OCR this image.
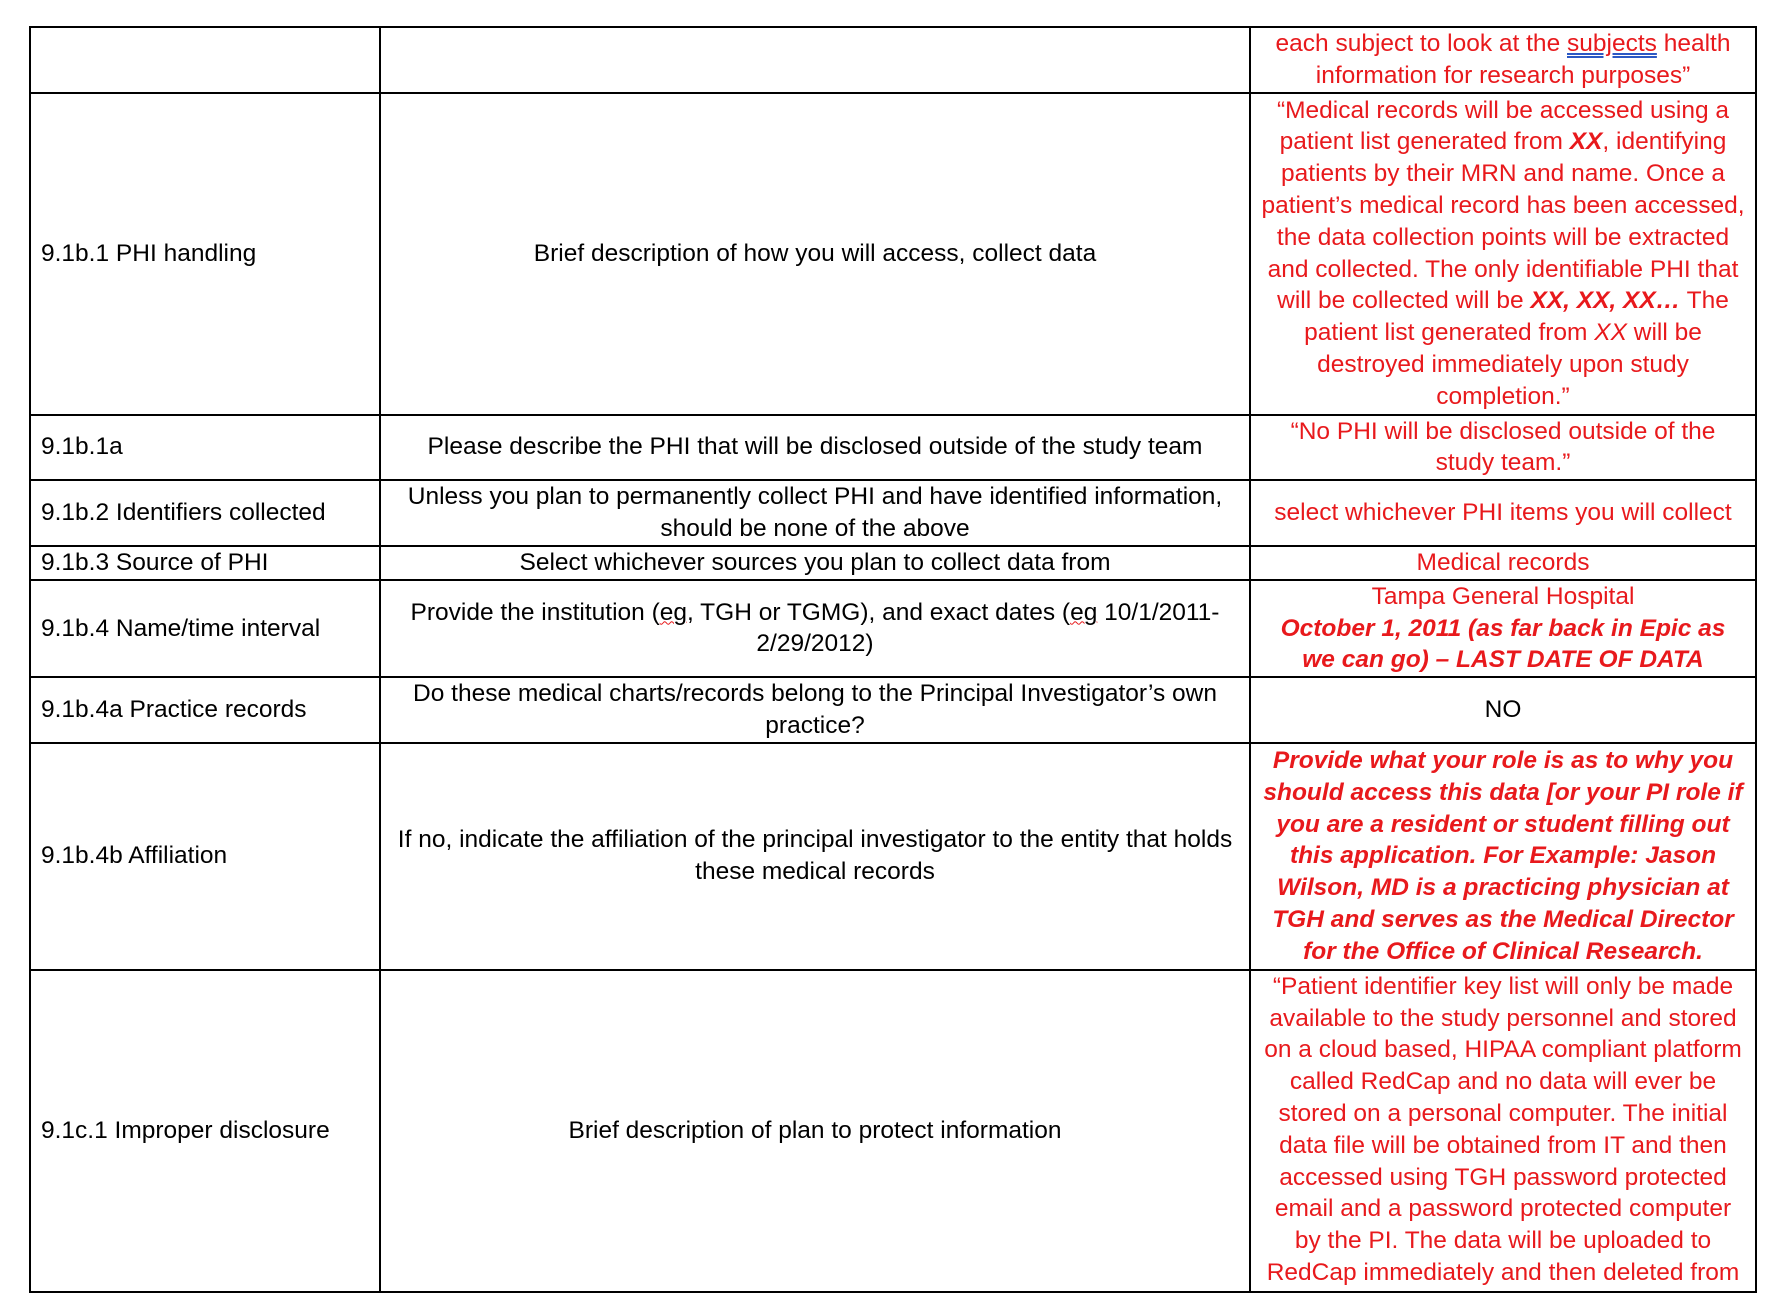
		each subject to look at the subjects health information for research purposes”
9.1b.1 PHI handling	Brief description of how you will access, collect data	“Medical records will be accessed using a patient list generated from XX, identifying patients by their MRN and name. Once a patient’s medical record has been accessed, the data collection points will be extracted and collected. The only identifiable PHI that will be collected will be XX, XX, XX… The patient list generated from XX will be destroyed immediately upon study completion.”
9.1b.1a	Please describe the PHI that will be disclosed outside of the study team	“No PHI will be disclosed outside of the study team.”
9.1b.2 Identifiers collected	Unless you plan to permanently collect PHI and have identified information, should be none of the above	select whichever PHI items you will collect
9.1b.3 Source of PHI	Select whichever sources you plan to collect data from	Medical records
9.1b.4 Name/time interval	Provide the institution (eg, TGH or TGMG), and exact dates (eg 10/1/2011-2/29/2012)	Tampa General Hospital
October 1, 2011 (as far back in Epic as we can go) – LAST DATE OF DATA

9.1b.4a Practice records	Do these medical charts/records belong to the Principal Investigator’s own practice?	NO
9.1b.4b Affiliation	If no, indicate the affiliation of the principal investigator to the entity that holds these medical records	Provide what your role is as to why you should access this data [or your PI role if you are a resident or student filling out this application. For Example: Jason Wilson, MD is a practicing physician at TGH and serves as the Medical Director for the Office of Clinical Research.
9.1c.1 Improper disclosure	Brief description of plan to protect information	“Patient identifier key list will only be made available to the study personnel and stored on a cloud based, HIPAA compliant platform called RedCap and no data will ever be stored on a personal computer. The initial data file will be obtained from IT and then accessed using TGH password protected email and a password protected computer by the PI. The data will be uploaded to RedCap immediately and then deleted from
